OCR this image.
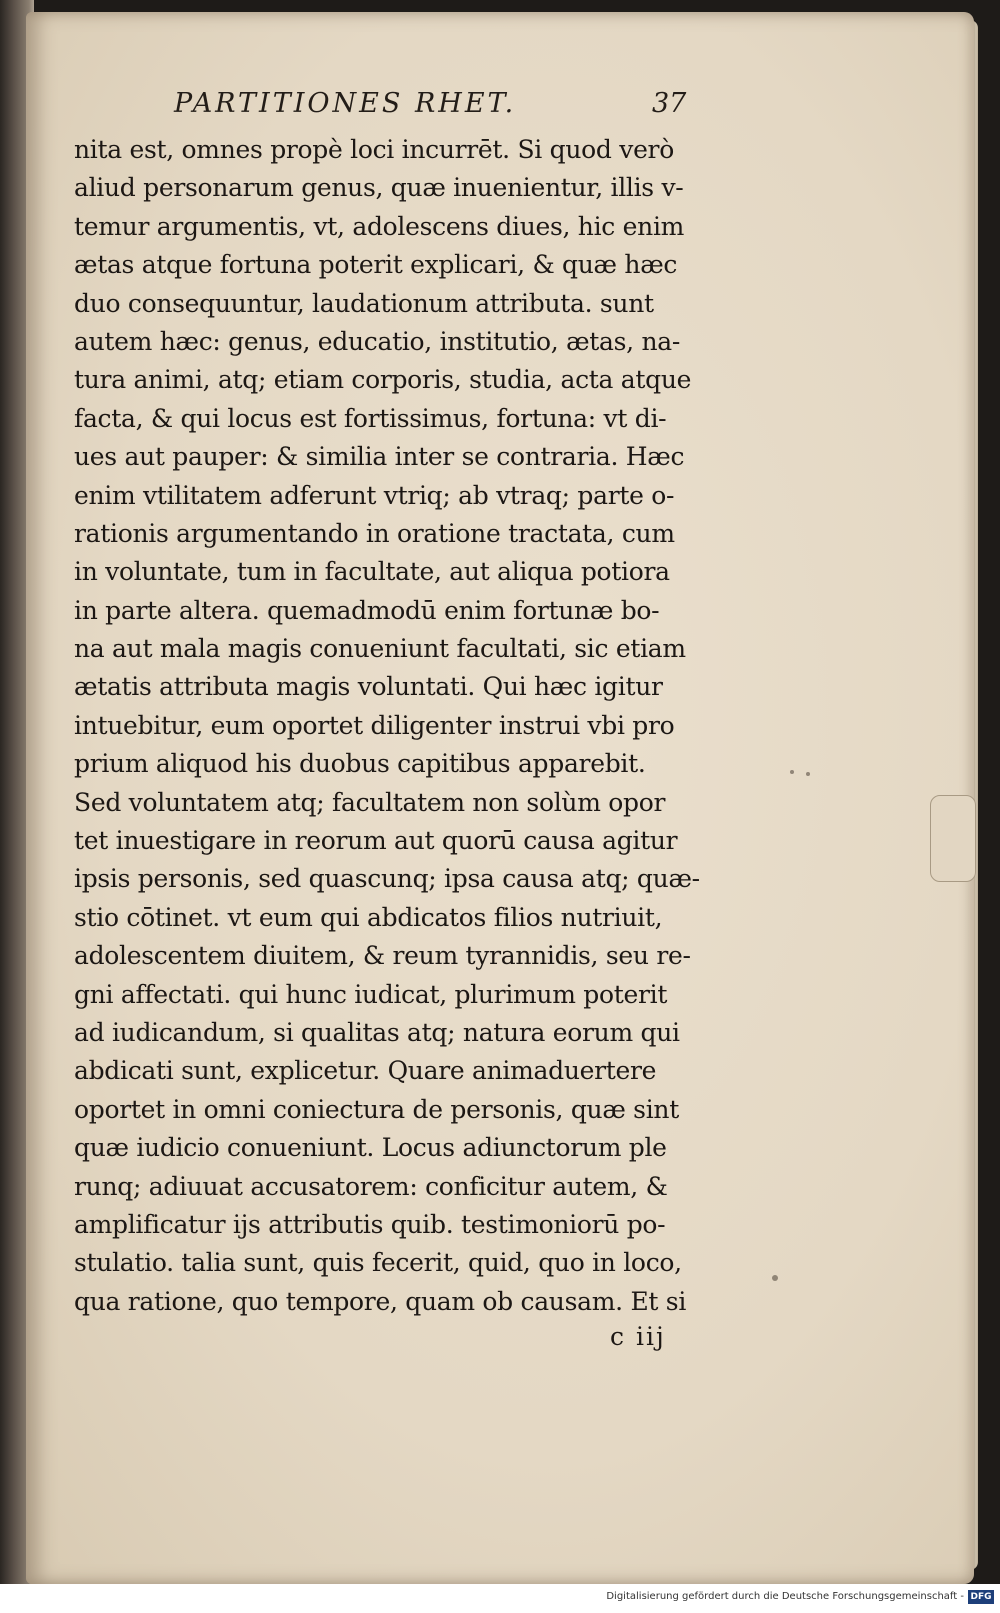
PARTITIONES RHET.	37
nita est, omnes propè loci incurrēt. Si quod verò
aliud personarum genus, quæ inuenientur, illis v-
temur argumentis, vt, adolescens diues, hic enim
ætas atque fortuna poterit explicari, & quæ hæc
duo consequuntur, laudationum attributa. sunt
autem hæc: genus, educatio, institutio, ætas, na-
tura animi, atq; etiam corporis, studia, acta atque
facta, & qui locus est fortissimus, fortuna: vt di-
ues aut pauper: & similia inter se contraria. Hæc
enim vtilitatem adferunt vtriq; ab vtraq; parte o-
rationis argumentando in oratione tractata, cum
in voluntate, tum in facultate, aut aliqua potiora
in parte altera. quemadmodū enim fortunæ bo-
na aut mala magis conueniunt facultati, sic etiam
ætatis attributa magis voluntati. Qui hæc igitur
intuebitur, eum oportet diligenter instrui vbi pro
prium aliquod his duobus capitibus apparebit.
Sed voluntatem atq; facultatem non solùm opor
tet inuestigare in reorum aut quorū causa agitur
ipsis personis, sed quascunq; ipsa causa atq; quæ-
stio cōtinet. vt eum qui abdicatos filios nutriuit,
adolescentem diuitem, & reum tyrannidis, seu re-
gni affectati. qui hunc iudicat, plurimum poterit
ad iudicandum, si qualitas atq; natura eorum qui
abdicati sunt, explicetur. Quare animaduertere
oportet in omni coniectura de personis, quæ sint
quæ iudicio conueniunt. Locus adiunctorum ple
runq; adiuuat accusatorem: conficitur autem, &
amplificatur ijs attributis quib. testimoniorū po-
stulatio. talia sunt, quis fecerit, quid, quo in loco,
qua ratione, quo tempore, quam ob causam. Et si
c iij
Digitalisierung gefördert durch die Deutsche Forschungsgemeinschaft - DFG
